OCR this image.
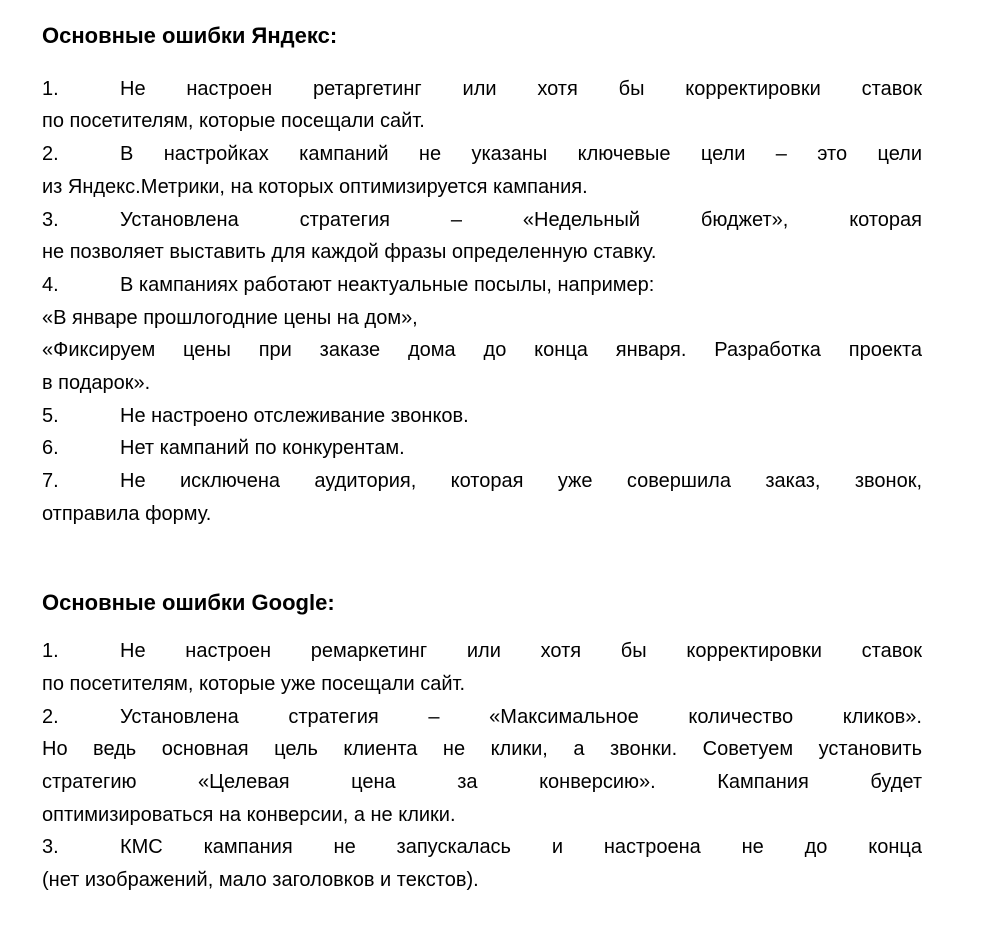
Основные ошибки Яндекс:
1.	Не настроен ретаргетинг или хотя бы корректировки ставок
по посетителям, которые посещали сайт.
2.	В настройках кампаний не указаны ключевые цели – это цели
из Яндекс.Метрики, на которых оптимизируется кампания.
3.	Установлена стратегия – «Недельный бюджет», которая
не позволяет выставить для каждой фразы определенную ставку.
4.	В кампаниях работают неактуальные посылы, например:
«В январе прошлогодние цены на дом»,
«Фиксируем цены при заказе дома до конца января. Разработка проекта
в подарок».
5.	Не настроено отслеживание звонков.
6.	Нет кампаний по конкурентам.
7.	Не исключена аудитория, которая уже совершила заказ, звонок,
отправила форму.
Основные ошибки Google:
1.	Не настроен ремаркетинг или хотя бы корректировки ставок
по посетителям, которые уже посещали сайт.
2.	Установлена стратегия – «Максимальное количество кликов».
Но ведь основная цель клиента не клики, а звонки. Советуем установить
стратегию «Целевая цена за конверсию». Кампания будет
оптимизироваться на конверсии, а не клики.
3.	КМС кампания не запускалась и настроена не до конца
(нет изображений, мало заголовков и текстов).
